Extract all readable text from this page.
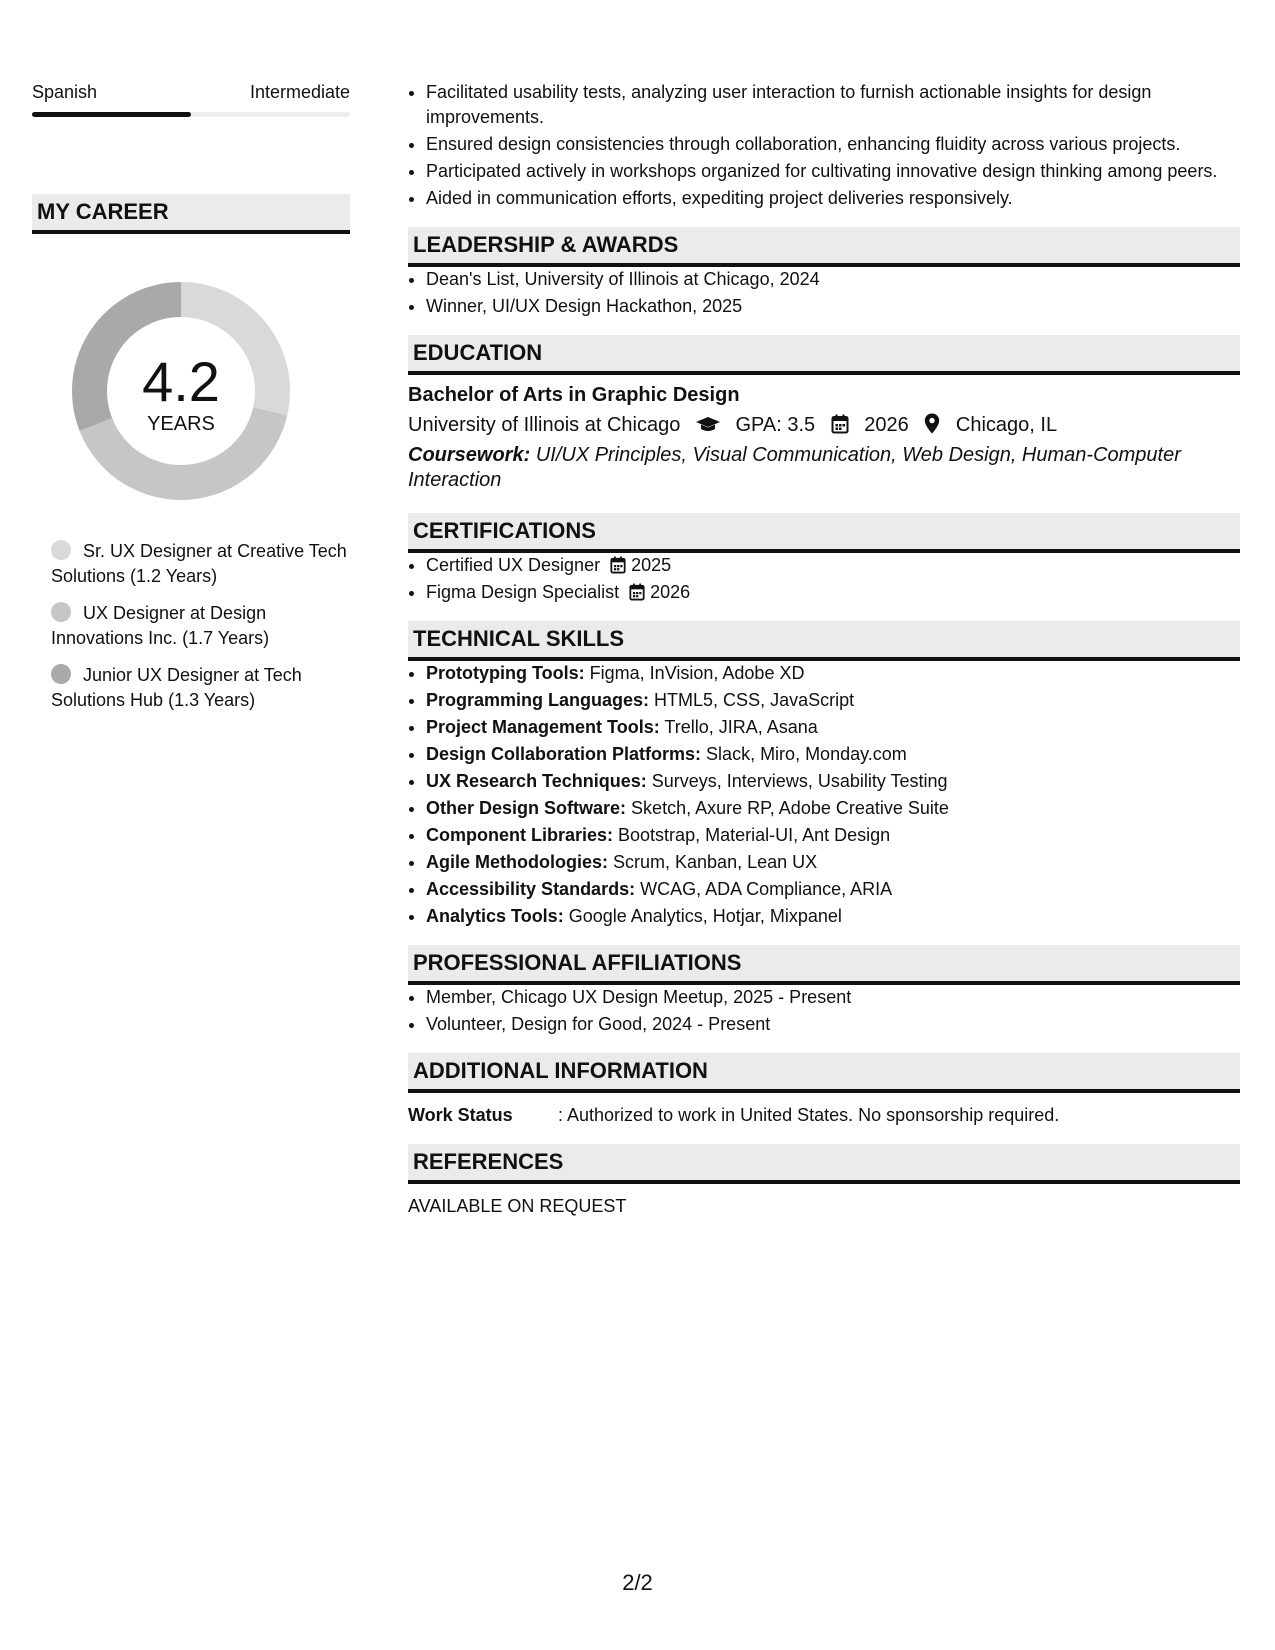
Spanish	Intermediate
MY CAREER
4.2
YEARS
Sr. UX Designer at Creative Tech Solutions (1.2 Years)
UX Designer at Design Innovations Inc. (1.7 Years)
Junior UX Designer at Tech Solutions Hub (1.3 Years)
• Facilitated usability tests, analyzing user interaction to furnish actionable insights for design improvements.
• Ensured design consistencies through collaboration, enhancing fluidity across various projects.
• Participated actively in workshops organized for cultivating innovative design thinking among peers.
• Aided in communication efforts, expediting project deliveries responsively.
LEADERSHIP & AWARDS
• Dean's List, University of Illinois at Chicago, 2024
• Winner, UI/UX Design Hackathon, 2025
EDUCATION
Bachelor of Arts in Graphic Design
University of Illinois at Chicago	GPA: 3.5 2026 Chicago, IL
Coursework: UI/UX Principles, Visual Communication, Web Design, Human-Computer Interaction
CERTIFICATIONS
• Certified UX Designer 2025
• Figma Design Specialist 2026
TECHNICAL SKILLS
• Prototyping Tools: Figma, InVision, Adobe XD
• Programming Languages: HTML5, CSS, JavaScript
• Project Management Tools: Trello, JIRA, Asana
• Design Collaboration Platforms: Slack, Miro, Monday.com
• UX Research Techniques: Surveys, Interviews, Usability Testing
• Other Design Software: Sketch, Axure RP, Adobe Creative Suite
• Component Libraries: Bootstrap, Material-UI, Ant Design
• Agile Methodologies: Scrum, Kanban, Lean UX
• Accessibility Standards: WCAG, ADA Compliance, ARIA
• Analytics Tools: Google Analytics, Hotjar, Mixpanel
PROFESSIONAL AFFILIATIONS
• Member, Chicago UX Design Meetup, 2025 - Present
• Volunteer, Design for Good, 2024 - Present
ADDITIONAL INFORMATION
Work Status	: Authorized to work in United States. No sponsorship required.
REFERENCES
AVAILABLE ON REQUEST
2/2
